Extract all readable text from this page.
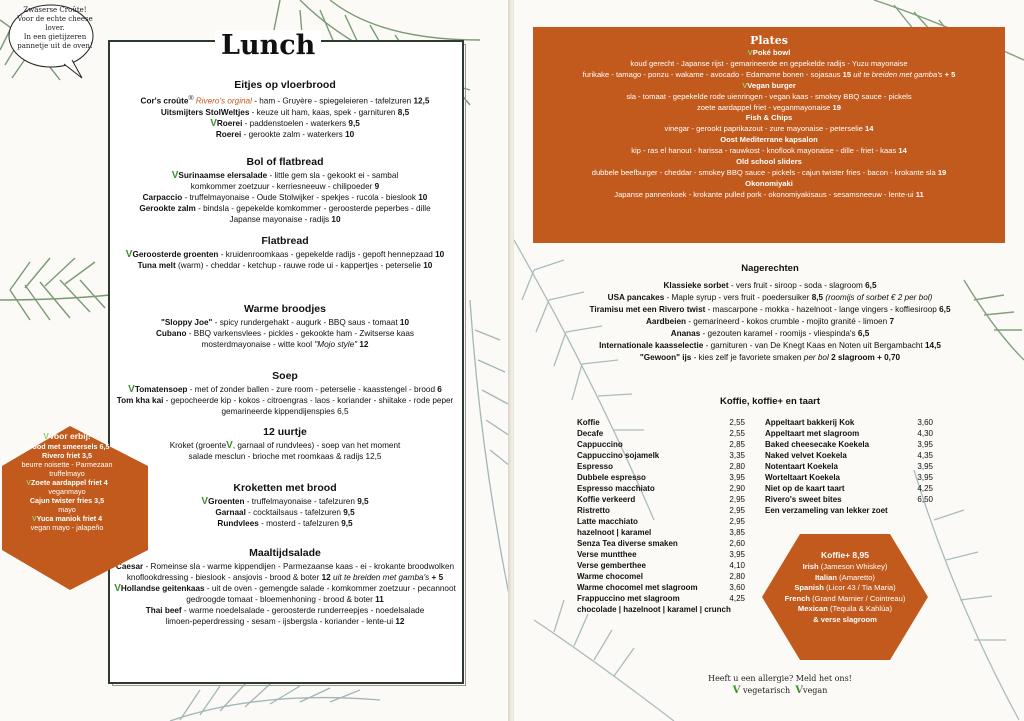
Zwaserse Croûte!
Voor de echte cheese
lover.
In een gietijzeren
pannetje uit de oven!	Lunch
Eitjes op vloerbrood
Cor's croûte® Rivero's orginal - ham - Gruyère - spiegeleieren - tafelzuren 12,5
Uitsmijters StolWeltjes - keuze uit ham, kaas, spek - garnituren 8,5
VRoerei - paddenstoelen - waterkers 9,5
Roerei - gerookte zalm - waterkers 10
Bol of flatbread
VSurinaamse elersalade - little gem sla - gekookt ei - sambal
komkommer zoetzuur - kerriesneeuw - chilipoeder 9
Carpaccio - truffelmayonaise - Oude Stolwijker - spekjes - rucola - bieslook 10
Gerookte zalm - bindsla - gepekelde komkommer - geroosterde peperbes - dille
Japanse mayonaise - radijs 10
Flatbread
VGeroosterde groenten - kruidenroomkaas - gepekelde radijs - gepoft hennepzaad 10
Tuna melt (warm) - cheddar - ketchup - rauwe rode ui - kappertjes - peterselie 10
Warme broodjes
"Sloppy Joe" - spicy rundergehakt - augurk - BBQ saus - tomaat 10
Cubano - BBQ varkensvlees - pickles - gekookte ham - Zwitserse kaas
mosterdmayonaise - witte kool "Mojo style" 12
Soep
VTomatensoep - met of zonder ballen - zure room - peterselie - kaasstengel - brood 6
Tom kha kai - gepocheerde kip - kokos - citroengras - laos - koriander - shiitake - rode peper
gemarineerde kippendijenspies 6,5
12 uurtje
Kroket (groenteV, garnaal of rundvlees) - soep van het moment
salade mesclun - brioche met roomkaas & radijs 12,5
Kroketten met brood
VGroenten - truffelmayonaise - tafelzuren 9,5
Garnaal - cocktailsaus - tafelzuren 9,5
Rundvlees - mosterd - tafelzuren 9,5
Maaltijdsalade
Caesar - Romeinse sla - warme kippendijen - Parmezaanse kaas - ei - krokante broodwolken
knoflookdressing - bieslook - ansjovis - brood & boter 12 uit te breiden met gamba's + 5
VHollandse geitenkaas - uit de oven - gemengde salade - komkommer zoetzuur - pecannoot
gedroogde tomaat - bloemenhoning - brood & boter 11
Thai beef - warme noedelsalade - geroosterde runderreepjes - noedelsalade
limoen-peperdressing - sesam - ijsbergsla - koriander - lente-ui 12
VVoor erbij!
Brood met smeersels 6,5
Rivero friet 3,5
beurre noisette - Parmezaan
truffelmayo
VZoete aardappel friet 4
veganmayo
Cajun twister fries 3,5
mayo
VYuca maniok friet 4
vegan mayo - jalapeño
Plates
VPoké bowl
koud gerecht - Japanse rijst - gemarineerde en gepekelde radijs - Yuzu mayonaise
furikake - tamago - ponzu - wakame - avocado - Edamame bonen - sojasaus 15 uit te breiden met gamba's + 5
VVegan burger
sla - tomaat - gepekelde rode uienringen - vegan kaas - smokey BBQ sauce - pickels
zoete aardappel friet - veganmayonaise 19
Fish & Chips
vinegar - gerookt paprikazout - zure mayonaise - peterselie 14
Oost Mediterrane kapsalon
kip - ras el hanout - harissa - rauwkost - knoflook mayonaise - dille - friet - kaas 14
Old school sliders
dubbele beefburger - cheddar - smokey BBQ sauce - pickels - cajun twister fries - bacon - krokante sla 19
Okonomiyaki
Japanse pannenkoek - krokante pulled pork - okonomiyakisaus - sesamsneeuw - lente-ui 11
Nagerechten
Klassieke sorbet - vers fruit - siroop - soda - slagroom 6,5
USA pancakes - Maple syrup - vers fruit - poedersuiker 8,5 (roomijs of sorbet € 2 per bol)
Tiramisu met een Rivero twist - mascarpone - mokka - hazelnoot - lange vingers - koffiesiroop 6,5
Aardbeien - gemarineerd - kokos crumble - mojito granité - limoen 7
Ananas - gezouten karamel - roomijs - vliespinda's 6,5
Internationale kaasselectie - garnituren - van De Knegt Kaas en Noten uit Bergambacht 14,5
"Gewoon" ijs - kies zelf je favoriete smaken per bol 2 slagroom + 0,70
Koffie, koffie+ en taart
Koffie	2,55
Decafe	2,55
Cappuccino	2,85
Cappuccino sojamelk	3,35
Espresso	2,80
Dubbele espresso	3,95
Espresso macchiato	2,90
Koffie verkeerd	2,95
Ristretto	2,95
Latte macchiato	2,95
hazelnoot | karamel	3,85
Senza Tea diverse smaken	2,60
Verse muntthee	3,95
Verse gemberthee	4,10
Warme chocomel	2,80
Warme chocomel met slagroom	3,60
Frappuccino met slagroom	4,25
chocolade | hazelnoot | karamel | crunch
Appeltaart bakkerij Kok	3,60
Appeltaart met slagroom	4,30
Baked cheesecake Koekela	3,95
Naked velvet Koekela	4,35
Notentaart Koekela	3,95
Worteltaart Koekela	3,95
Niet op de kaart taart	4,25
Rivero's sweet bites	6,50
Een verzameling van lekker zoet
Koffie+ 8,95
Irish (Jameson Whiskey)
Italian (Amaretto)
Spanish (Licor 43 / Tia Maria)
French (Grand Marnier / Cointreau)
Mexican (Tequila & Kahlúa)
& verse slagroom
Heeft u een allergie? Meld het ons!
V vegetarisch Vvegan
